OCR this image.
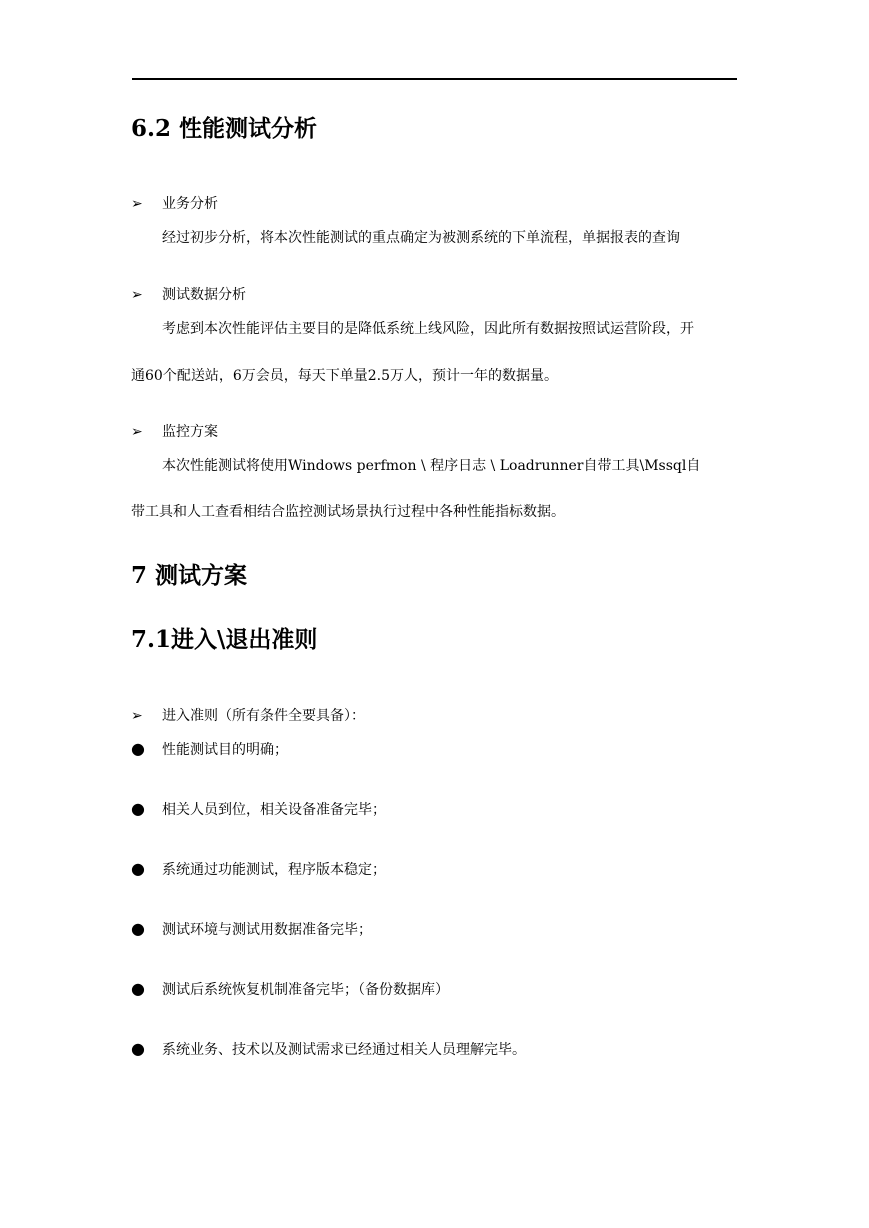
6.2 性能测试分析
➢ 业务分析
经过初步分析，将本次性能测试的重点确定为被测系统的下单流程，单据报表的查询
➢ 测试数据分析
考虑到本次性能评估主要目的是降低系统上线风险，因此所有数据按照试运营阶段，开
通60个配送站，6万会员，每天下单量2.5万人，预计一年的数据量。
➢ 监控方案
本次性能测试将使用Windows perfmon \ 程序日志 \ Loadrunner自带工具\Mssql自
带工具和人工查看相结合监控测试场景执行过程中各种性能指标数据。
7 测试方案
7.1进入\退出准则
➢ 进入准则（所有条件全要具备）：
● 性能测试目的明确；
● 相关人员到位，相关设备准备完毕；
● 系统通过功能测试，程序版本稳定；
● 测试环境与测试用数据准备完毕；
● 测试后系统恢复机制准备完毕；（备份数据库）
● 系统业务、技术以及测试需求已经通过相关人员理解完毕。
